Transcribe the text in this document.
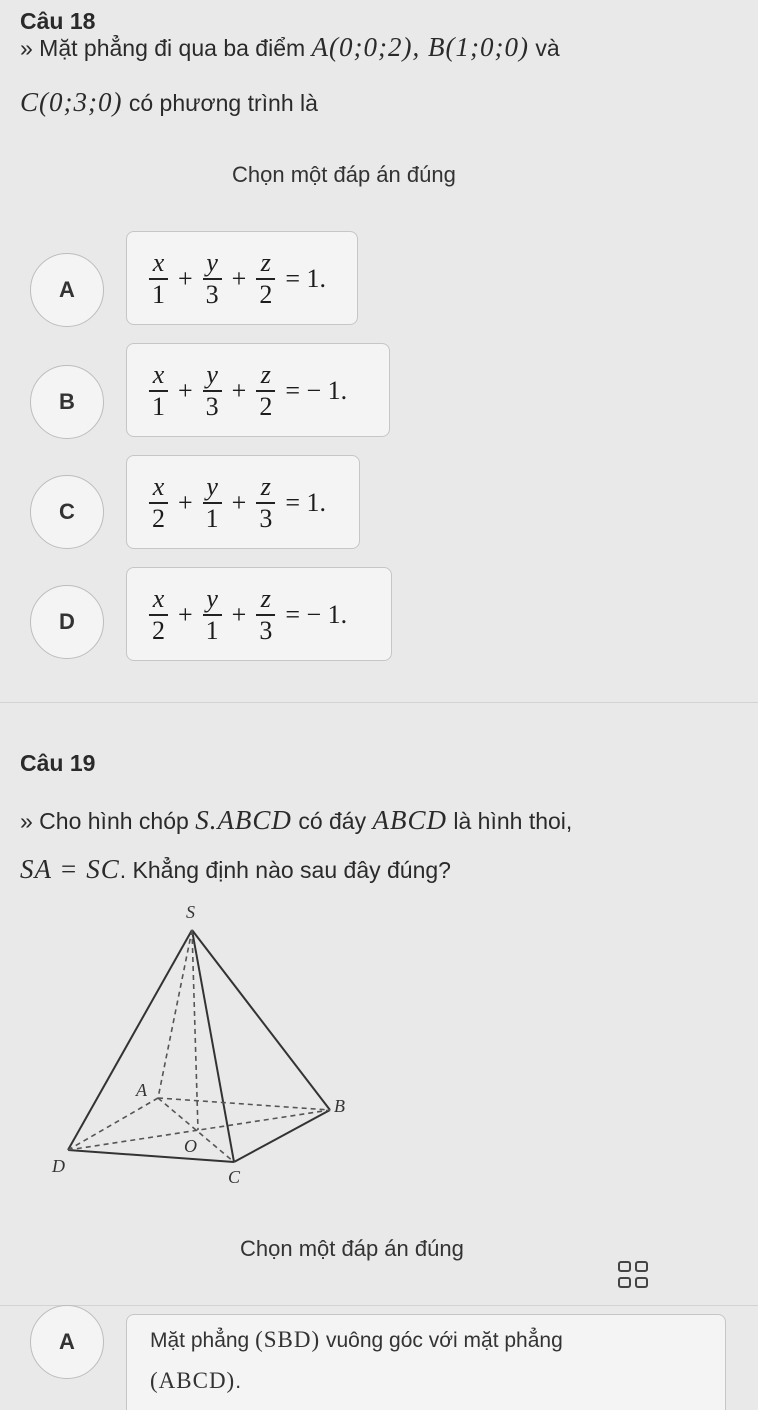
Câu 18
» Mặt phẳng đi qua ba điểm A(0;0;2), B(1;0;0) và
C(0;3;0) có phương trình là
Chọn một đáp án đúng
A	$\frac{x}{1} + \frac{y}{3} + \frac{z}{2} = 1$.
B	$\frac{x}{1} + \frac{y}{3} + \frac{z}{2}$ = − 1.
C	$\frac{x}{2} + \frac{y}{1} + \frac{z}{3} = 1$.
D	$\frac{x}{2} + \frac{y}{1} + \frac{z}{3}$ = − 1.
Câu 19
» Cho hình chóp S.ABCD có đáy ABCD là hình thoi,
SA = SC. Khẳng định nào sau đây đúng?
S
A
B
C
D
O
Chọn một đáp án đúng
A	Mặt phẳng (SBD) vuông góc với mặt phẳng
(ABCD).
